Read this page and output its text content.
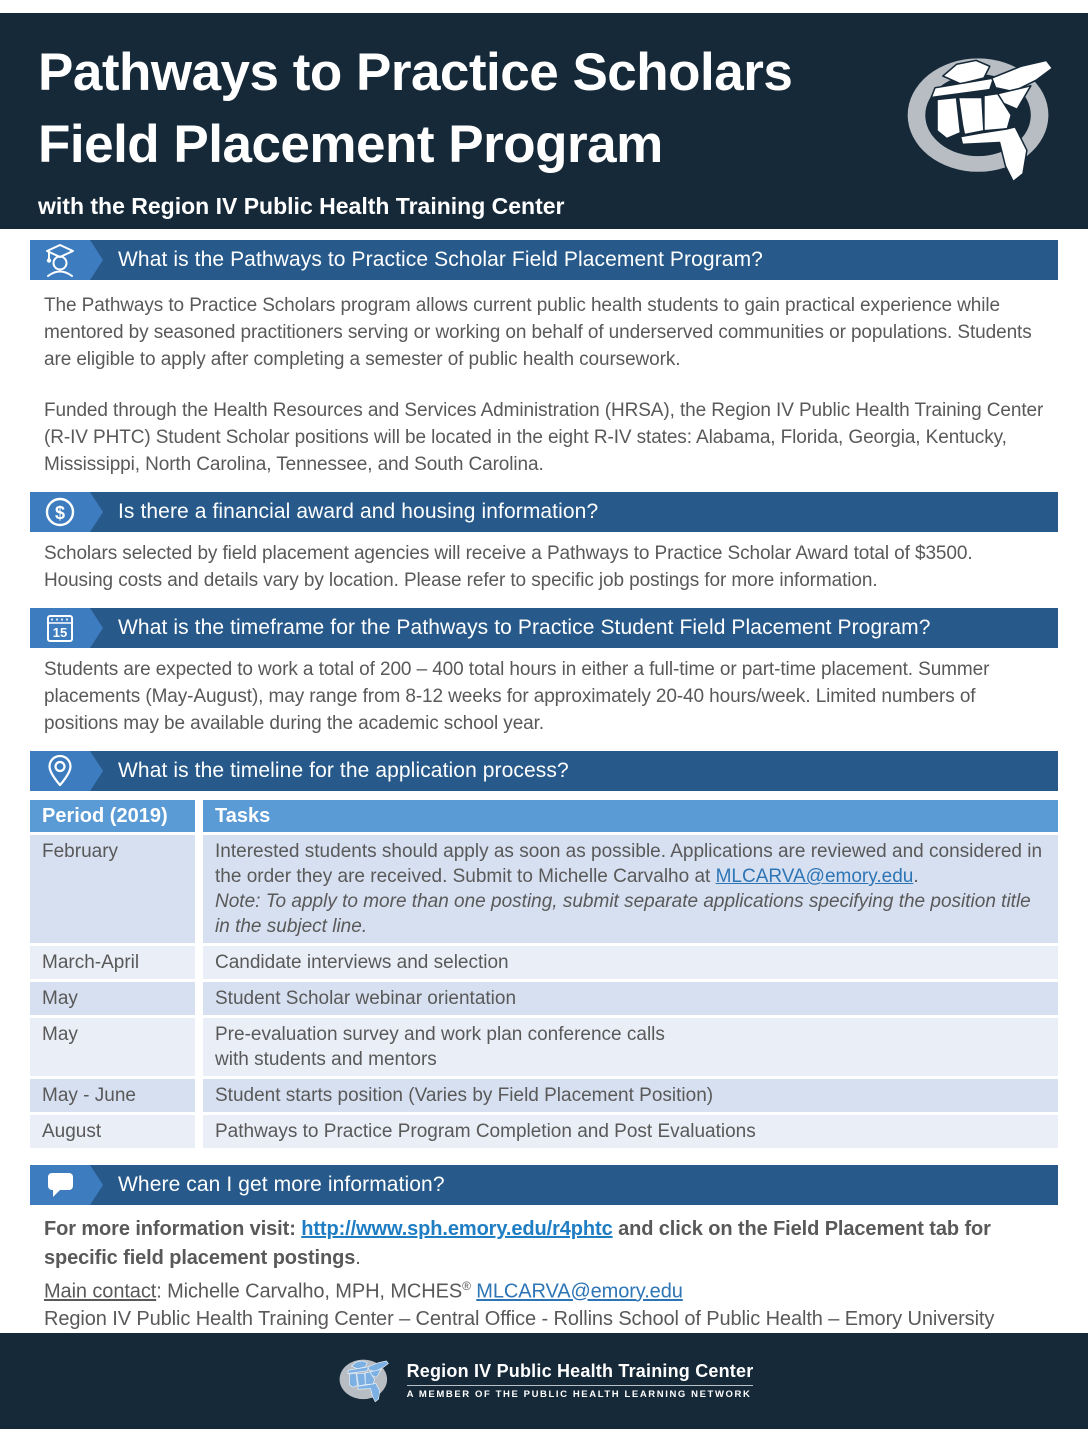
Pathways to Practice Scholars
Field Placement Program
with the Region IV Public Health Training Center
What is the Pathways to Practice Scholar Field Placement Program?

The Pathways to Practice Scholars program allows current public health students to gain practical experience while mentored by seasoned practitioners serving or working on behalf of underserved communities or populations. Students are eligible to apply after completing a semester of public health coursework.

Funded through the Health Resources and Services Administration (HRSA), the Region IV Public Health Training Center (R-IV PHTC) Student Scholar positions will be located in the eight R-IV states: Alabama, Florida, Georgia, Kentucky, Mississippi, North Carolina, Tennessee, and South Carolina.

$	Is there a financial award and housing information?

Scholars selected by field placement agencies will receive a Pathways to Practice Scholar Award total of $3500. Housing costs and details vary by location. Please refer to specific job postings for more information.

15 What is the timeframe for the Pathways to Practice Student Field Placement Program?

Students are expected to work a total of 200 – 400 total hours in either a full-time or part-time placement. Summer placements (May-August), may range from 8-12 weeks for approximately 20-40 hours/week. Limited numbers of positions may be available during the academic school year.

What is the timeline for the application process?
Period (2019)	Tasks
February	Interested students should apply as soon as possible. Applications are reviewed and considered in the order they are received. Submit to Michelle Carvalho at MLCARVA@emory.edu.
Note: To apply to more than one posting, submit separate applications specifying the position title in the subject line.

March-April	Candidate interviews and selection
May	Student Scholar webinar orientation
May	Pre-evaluation survey and work plan conference calls
with students and mentors

May - June	Student starts position (Varies by Field Placement Position)
August	Pathways to Practice Program Completion and Post Evaluations
Where can I get more information?
For more information visit: http://www.sph.emory.edu/r4phtc and click on the Field Placement tab for specific field placement postings.
Main contact: Michelle Carvalho, MPH, MCHES® MLCARVA@emory.edu
Region IV Public Health Training Center – Central Office - Rollins School of Public Health – Emory University
Region IV Public Health Training Center
A MEMBER OF THE PUBLIC HEALTH LEARNING NETWORK
